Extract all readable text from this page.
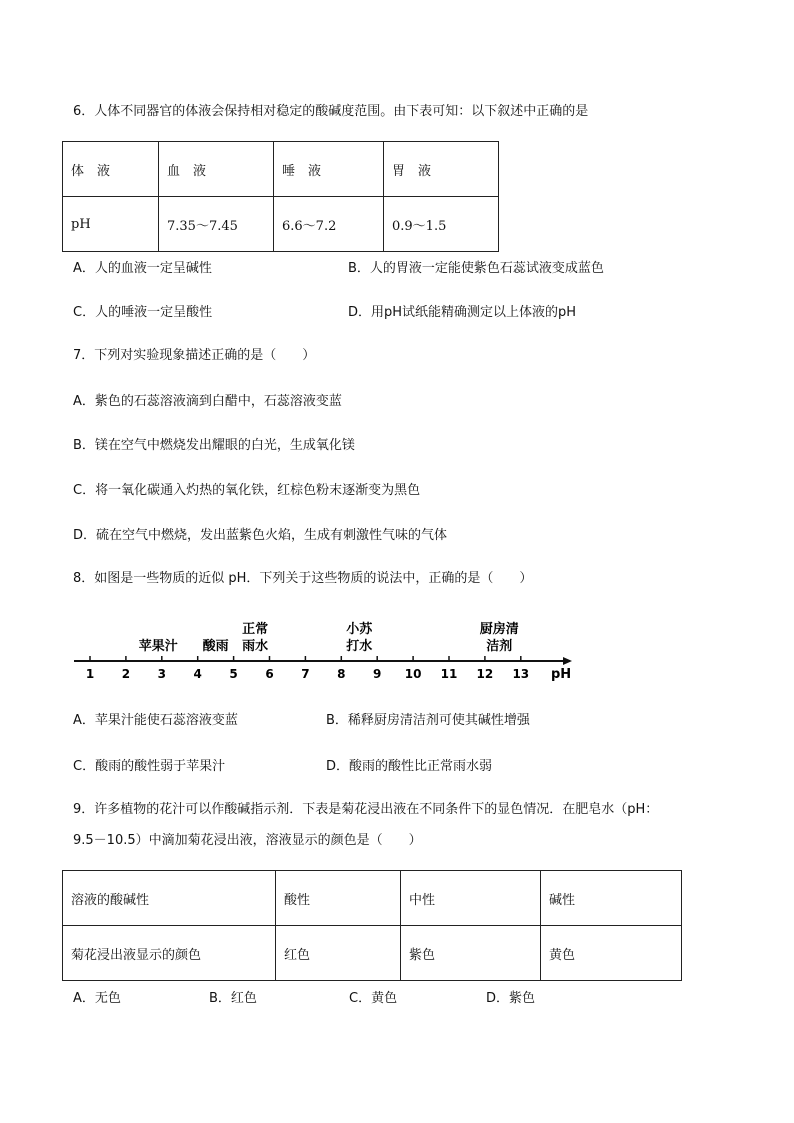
6．人体不同器官的体液会保持相对稳定的酸碱度范围。由下表可知：以下叙述中正确的是
体　液	血　液	唾　液	胃　液
pH	7.35～7.45	6.6～7.2	0.9～1.5
A．人的血液一定呈碱性	B．人的胃液一定能使紫色石蕊试液变成蓝色
C．人的唾液一定呈酸性	D．用pH试纸能精确测定以上体液的pH
7．下列对实验现象描述正确的是（　　）
A．紫色的石蕊溶液滴到白醋中，石蕊溶液变蓝
B．镁在空气中燃烧发出耀眼的白光，生成氧化镁
C．将一氧化碳通入灼热的氧化铁，红棕色粉末逐渐变为黑色
D．硫在空气中燃烧，发出蓝紫色火焰，生成有刺激性气味的气体
8．如图是一些物质的近似 pH．下列关于这些物质的说法中，正确的是（　　）
苹果汁 酸雨
正常
雨水
小苏
打水
厨房清
洁剂
1 2 3 4 5 6 7 8 9 10 11 12 13 pH
A．苹果汁能使石蕊溶液变蓝	B．稀释厨房清洁剂可使其碱性增强
C．酸雨的酸性弱于苹果汁	D．酸雨的酸性比正常雨水弱
9．许多植物的花汁可以作酸碱指示剂．下表是菊花浸出液在不同条件下的显色情况．在肥皂水（pH：
9.5－10.5）中滴加菊花浸出液，溶液显示的颜色是（　　）
溶液的酸碱性	酸性	中性	碱性
菊花浸出液显示的颜色	红色	紫色	黄色
A．无色	B．红色	C．黄色	D．紫色
